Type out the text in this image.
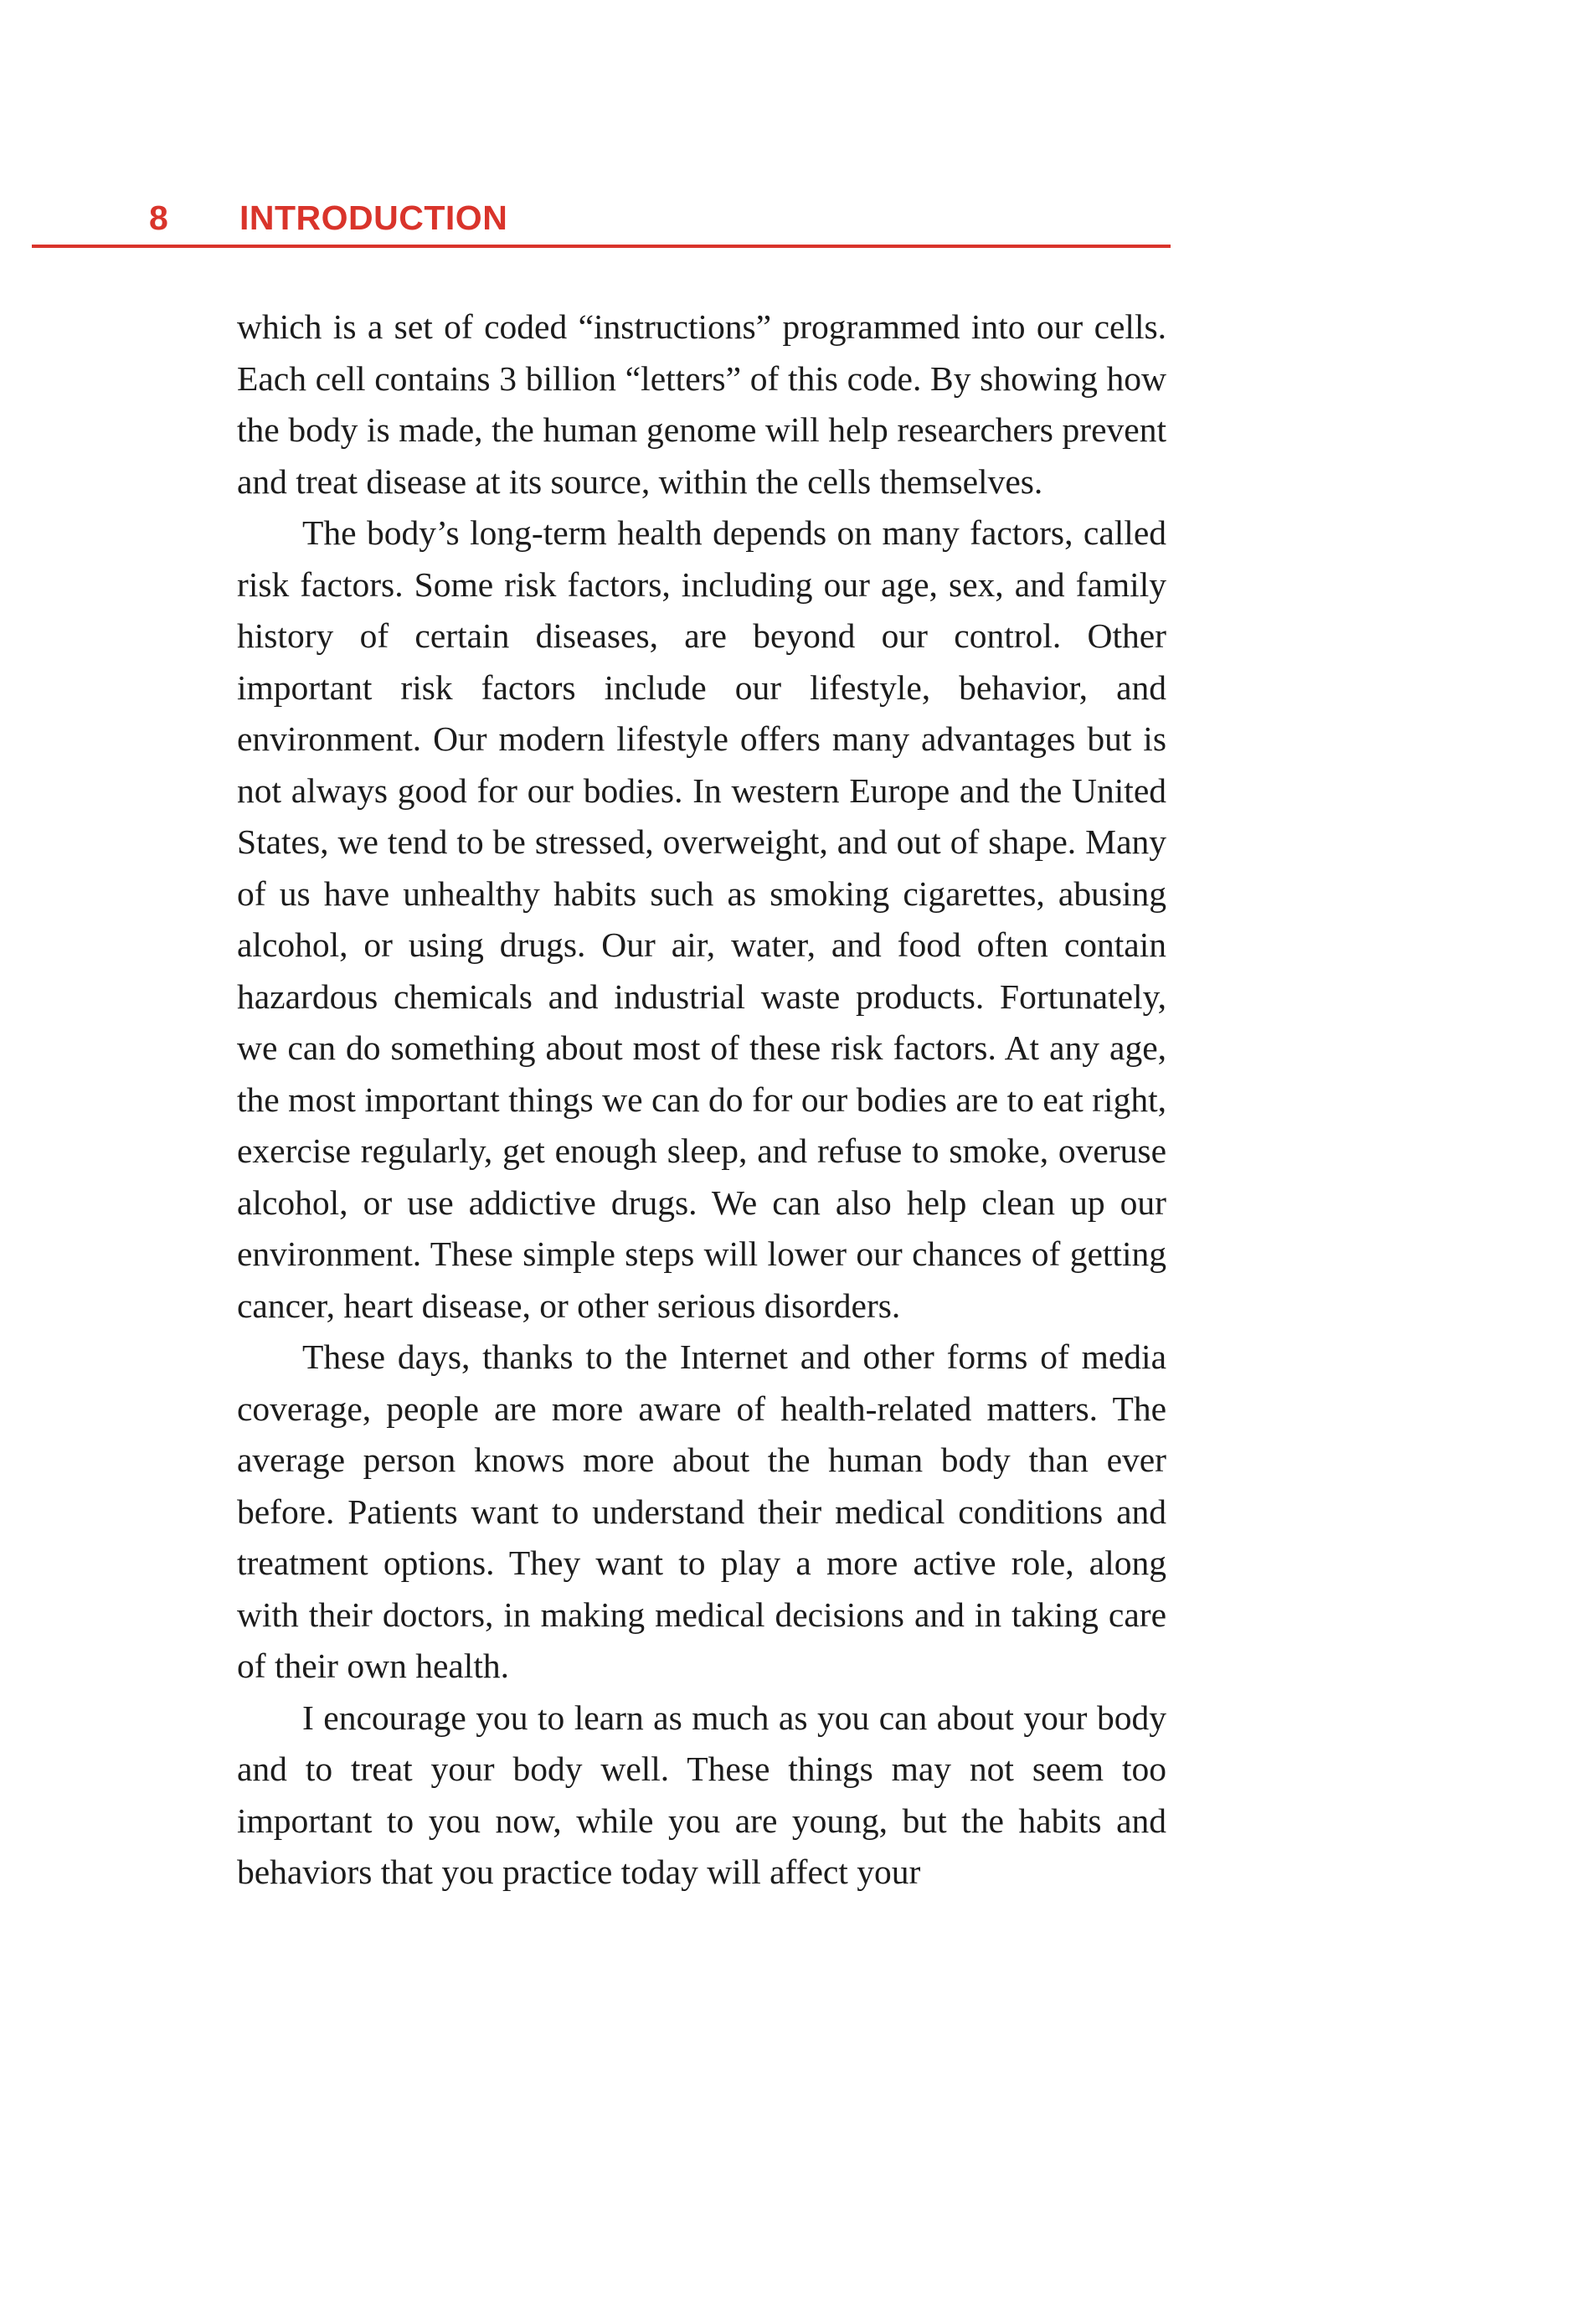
8 INTRODUCTION

which is a set of coded “instructions” programmed into our cells. Each cell contains 3 billion “letters” of this code. By showing how the body is made, the human genome will help researchers prevent and treat disease at its source, within the cells themselves.

The body’s long-term health depends on many factors, called risk factors. Some risk factors, including our age, sex, and family history of certain diseases, are beyond our control. Other important risk factors include our lifestyle, behavior, and environment. Our modern lifestyle offers many advantages but is not always good for our bodies. In western Europe and the United States, we tend to be stressed, overweight, and out of shape. Many of us have unhealthy habits such as smoking cigarettes, abusing alcohol, or using drugs. Our air, water, and food often contain hazardous chemicals and industrial waste products. Fortunately, we can do something about most of these risk factors. At any age, the most important things we can do for our bodies are to eat right, exercise regularly, get enough sleep, and refuse to smoke, overuse alcohol, or use addictive drugs. We can also help clean up our environment. These simple steps will lower our chances of getting cancer, heart disease, or other serious disorders.

These days, thanks to the Internet and other forms of media coverage, people are more aware of health-related matters. The average person knows more about the human body than ever before. Patients want to understand their medical conditions and treatment options. They want to play a more active role, along with their doctors, in making medical decisions and in taking care of their own health.

I encourage you to learn as much as you can about your body and to treat your body well. These things may not seem too important to you now, while you are young, but the habits and behaviors that you practice today will affect your
